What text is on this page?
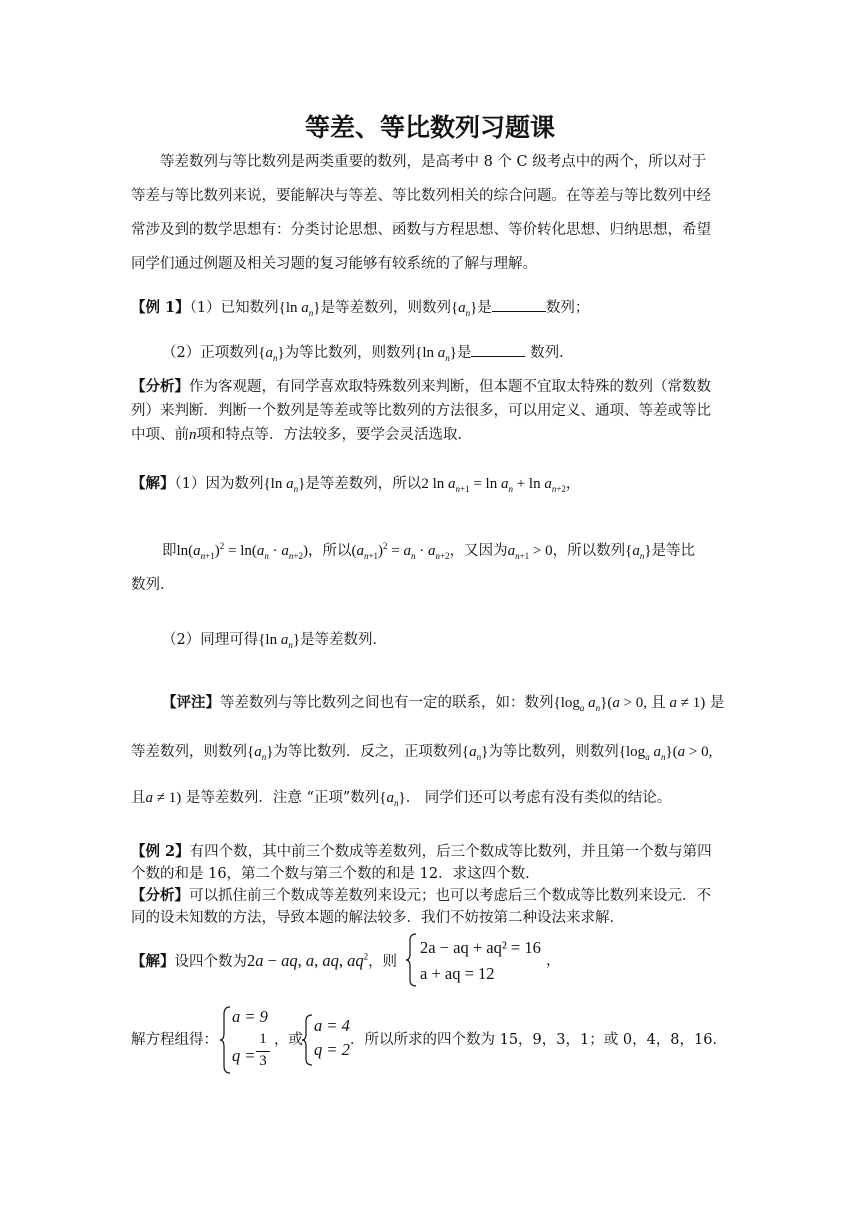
等差、等比数列习题课
等差数列与等比数列是两类重要的数列，是高考中 8 个 C 级考点中的两个，所以对于
等差与等比数列来说，要能解决与等差、等比数列相关的综合问题。在等差与等比数列中经
常涉及到的数学思想有：分类讨论思想、函数与方程思想、等价转化思想、归纳思想，希望
同学们通过例题及相关习题的复习能够有较系统的了解与理解。
【例 1】（1）已知数列{ln $a_n$}是等差数列，则数列$\{a_n\}$是	数列；
（2）正项数列$\{a_n\}$为等比数列，则数列{ln $a_n$}是	数列．
【分析】作为客观题，有同学喜欢取特殊数列来判断，但本题不宜取太特殊的数列（常数数
列）来判断．判断一个数列是等差或等比数列的方法很多，可以用定义、通项、等差或等比
中项、前n项和特点等．方法较多，要学会灵活选取．
【解】（1）因为数列{ln $a_n$}是等差数列，所以2 $\ln a_{n+1} = \ln a_n + \ln a_{n+2}$，
即$\ln(a_{n+1})^2 = \ln(a_n \cdot a_{n+2})$，所以$(a_{n+1})^2 = a_n \cdot a_{n+2}$，又因为$a_{n+1} > 0$，所以数列$\{a_n\}$是等比
数列．
（2）同理可得{ln $a_n$}是等差数列．
【评注】等差数列与等比数列之间也有一定的联系，如：数列{$\log_a$ $a_n\}(a > 0$, 且 a ≠ 1) 是
等差数列，则数列$\{a_n\}$为等比数列．反之，正项数列$\{a_n\}$为等比数列，则数列{$\log_a$ $a_n\}(a > 0$,
且a ≠ 1) 是等差数列．注意 “正项”数列$\{a_n\}$． 同学们还可以考虑有没有类似的结论。
【例 2】有四个数，其中前三个数成等差数列，后三个数成等比数列，并且第一个数与第四
个数的和是 16，第二个数与第三个数的和是 12．求这四个数．
【分析】可以抓住前三个数成等差数列来设元；也可以考虑后三个数成等比数列来设元．不
同的设未知数的方法，导致本题的解法较多．我们不妨按第二种设法来求解．
【解】设四个数为2a − aq, a, aq, $aq^2$，则
2a − aq + aq² = 16
a + aq = 12
，
解方程组得：
a = 9
q =
1
3
，或
a = 4
q = 2 ．所以所求的四个数为 15，9，3，1；或 0，4，8，16．
